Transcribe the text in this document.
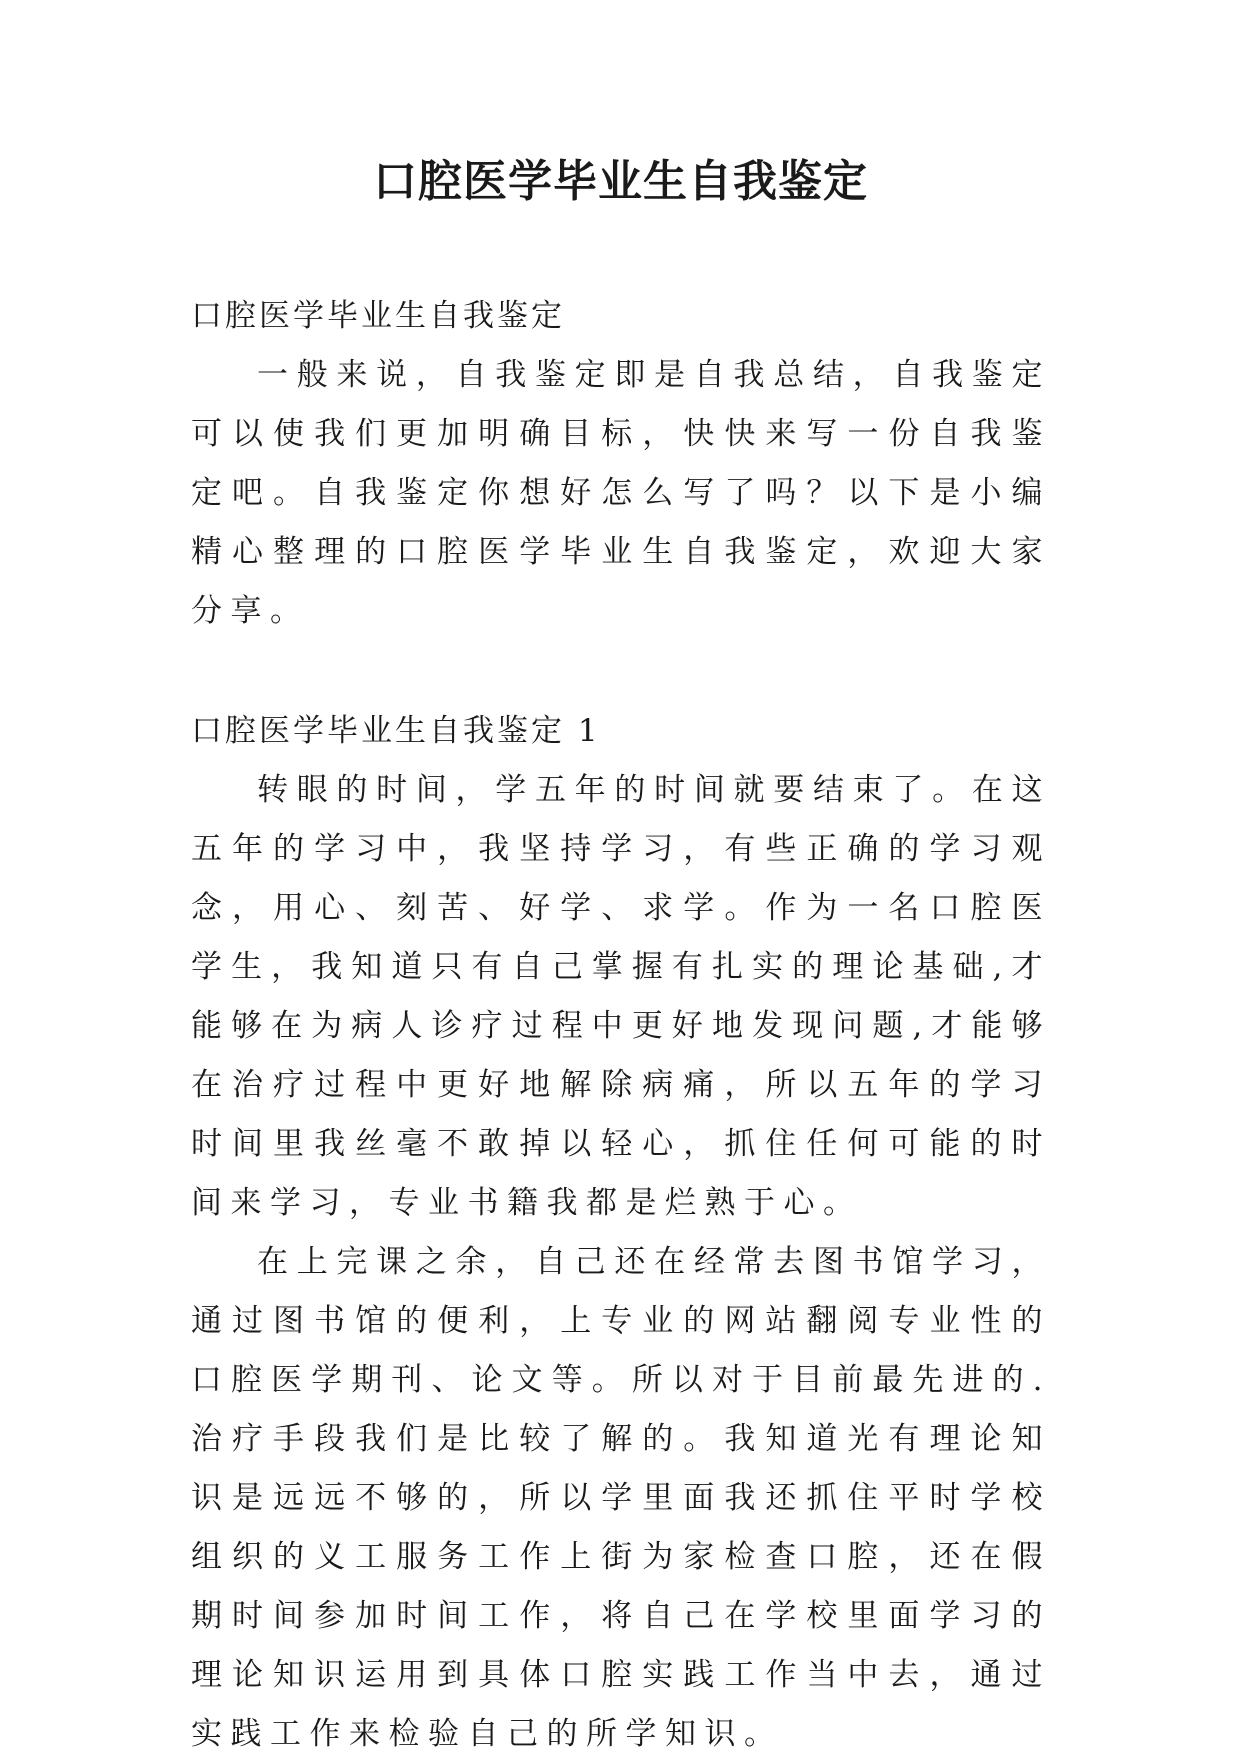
口腔医学毕业生自我鉴定

口腔医学毕业生自我鉴定

一般来说，自我鉴定即是自我总结，自我鉴定可以使我们更加明确目标，快快来写一份自我鉴定吧。自我鉴定你想好怎么写了吗？以下是小编精心整理的口腔医学毕业生自我鉴定，欢迎大家分享。

口腔医学毕业生自我鉴定 1

转眼的时间，学五年的时间就要结束了。在这五年的学习中，我坚持学习，有些正确的学习观念，用心、刻苦、好学、求学。作为一名口腔医学生，我知道只有自己掌握有扎实的理论基础,才能够在为病人诊疗过程中更好地发现问题,才能够在治疗过程中更好地解除病痛，所以五年的学习时间里我丝毫不敢掉以轻心，抓住任何可能的时间来学习，专业书籍我都是烂熟于心。

在上完课之余，自己还在经常去图书馆学习，通过图书馆的便利，上专业的网站翻阅专业性的口腔医学期刊、论文等。所以对于目前最先进的.治疗手段我们是比较了解的。我知道光有理论知识是远远不够的，所以学里面我还抓住平时学校组织的义工服务工作上街为家检查口腔，还在假期时间参加时间工作，将自己在学校里面学习的理论知识运用到具体口腔实践工作当中去，通过实践工作来检验自己的所学知识。
